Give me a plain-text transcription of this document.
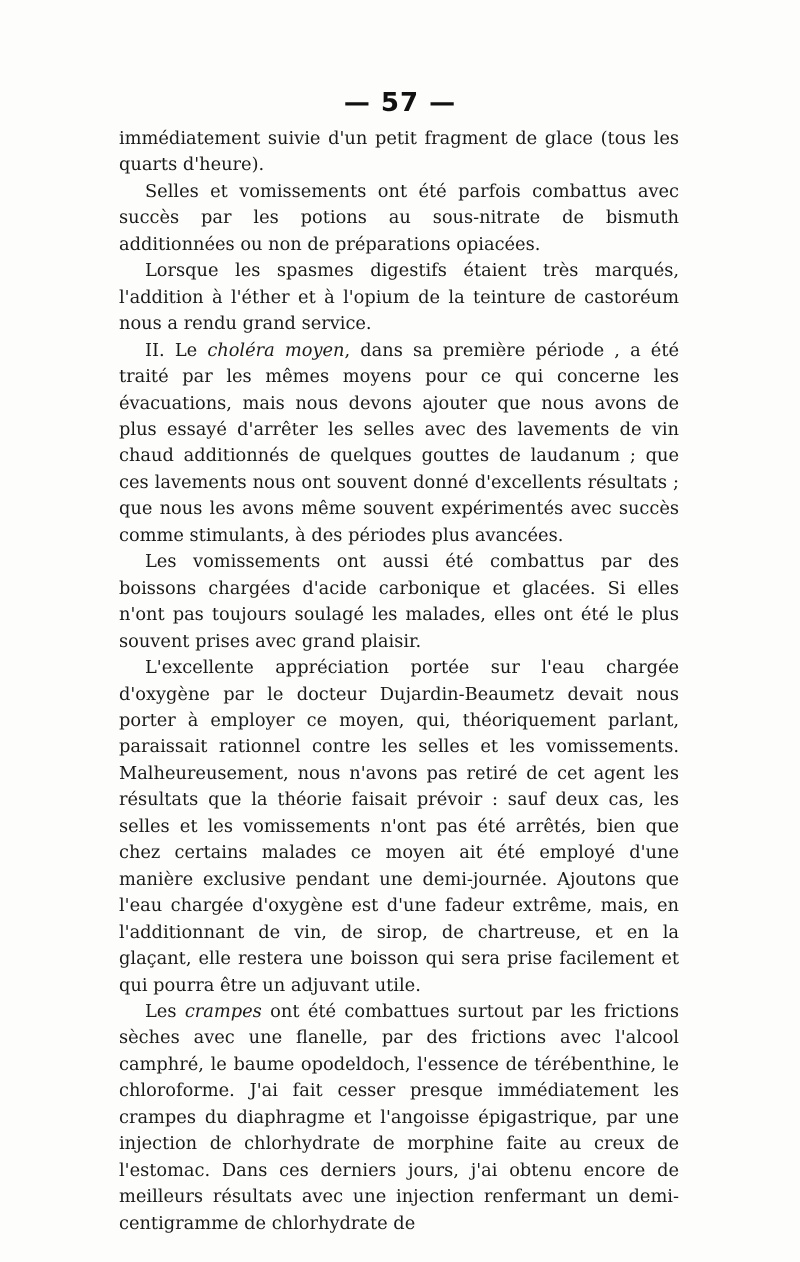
— 57 —

immédiatement suivie d'un petit fragment de glace (tous les quarts d'heure).

Selles et vomissements ont été parfois combattus avec succès par les potions au sous-nitrate de bismuth additionnées ou non de préparations opiacées.

Lorsque les spasmes digestifs étaient très marqués, l'addition à l'éther et à l'opium de la teinture de castoréum nous a rendu grand service.

II. Le choléra moyen, dans sa première période , a été traité par les mêmes moyens pour ce qui concerne les évacuations, mais nous devons ajouter que nous avons de plus essayé d'arrêter les selles avec des lavements de vin chaud additionnés de quelques gouttes de laudanum ; que ces lavements nous ont souvent donné d'excellents résultats ; que nous les avons même souvent expérimentés avec succès comme stimulants, à des périodes plus avancées.

Les vomissements ont aussi été combattus par des boissons chargées d'acide carbonique et glacées. Si elles n'ont pas toujours soulagé les malades, elles ont été le plus souvent prises avec grand plaisir.

L'excellente appréciation portée sur l'eau chargée d'oxygène par le docteur Dujardin-Beaumetz devait nous porter à employer ce moyen, qui, théoriquement parlant, paraissait rationnel contre les selles et les vomissements. Malheureusement, nous n'avons pas retiré de cet agent les résultats que la théorie faisait prévoir : sauf deux cas, les selles et les vomissements n'ont pas été arrêtés, bien que chez certains malades ce moyen ait été employé d'une manière exclusive pendant une demi-journée. Ajoutons que l'eau chargée d'oxygène est d'une fadeur extrême, mais, en l'additionnant de vin, de sirop, de chartreuse, et en la glaçant, elle restera une boisson qui sera prise facilement et qui pourra être un adjuvant utile.

Les crampes ont été combattues surtout par les frictions sèches avec une flanelle, par des frictions avec l'alcool camphré, le baume opodeldoch, l'essence de térébenthine, le chloroforme. J'ai fait cesser presque immédiatement les crampes du diaphragme et l'angoisse épigastrique, par une injection de chlorhydrate de morphine faite au creux de l'estomac. Dans ces derniers jours, j'ai obtenu encore de meilleurs résultats avec une injection renfermant un demi-centigramme de chlorhydrate de
